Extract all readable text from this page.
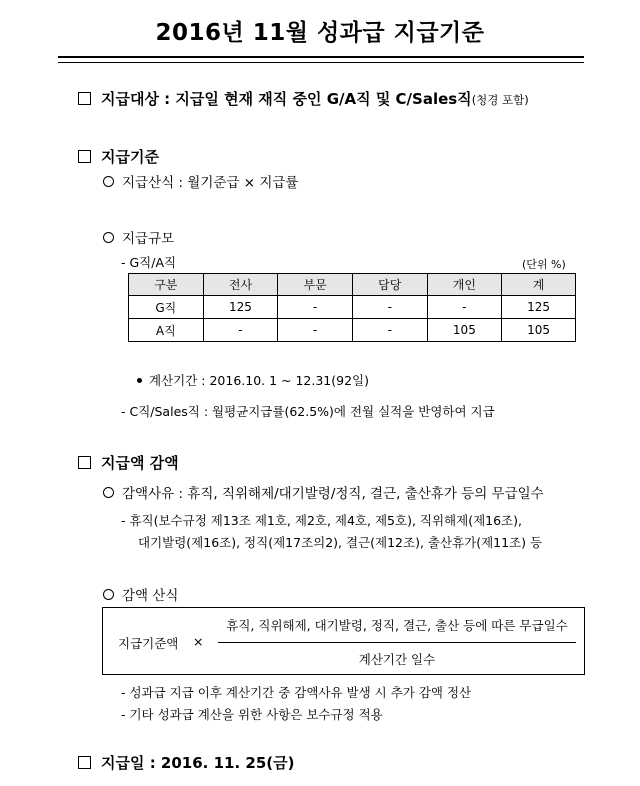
2016년 11월 성과급 지급기준
지급대상 : 지급일 현재 재직 중인 G/A직 및 C/Sales직(청경 포함)
지급기준
지급산식 : 월기준급 × 지급률
지급규모
- G직/A직	(단위 %)
구분	전사	부문	담당	개인	계
G직	125	-	-	-	125
A직	-	-	-	105	105
계산기간 : 2016.10. 1 ~ 12.31(92일)
- C직/Sales직 : 월평균지급률(62.5%)에 전월 실적을 반영하여 지급
지급액 감액
감액사유 : 휴직, 직위해제/대기발령/정직, 결근, 출산휴가 등의 무급일수
- 휴직(보수규정 제13조 제1호, 제2호, 제4호, 제5호), 직위해제(제16조),
대기발령(제16조), 정직(제17조의2), 결근(제12조), 출산휴가(제11조) 등
감액 산식
지급기준액 ×
휴직, 직위해제, 대기발령, 정직, 결근, 출산 등에 따른 무급일수
계산기간 일수
- 성과급 지급 이후 계산기간 중 감액사유 발생 시 추가 감액 정산
- 기타 성과급 계산을 위한 사항은 보수규정 적용
지급일 : 2016. 11. 25(금)
